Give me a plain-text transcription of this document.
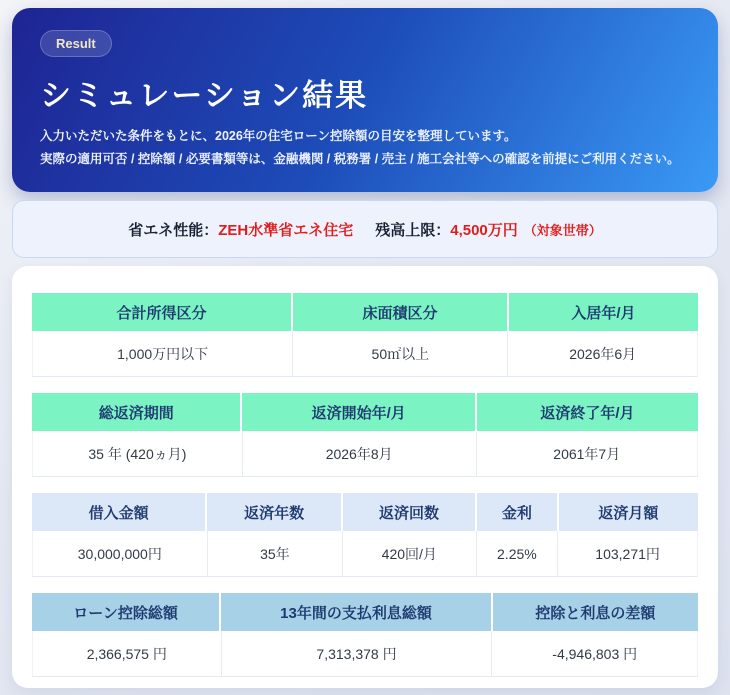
Result
シミュレーション結果
入力いただいた条件をもとに、2026年の住宅ローン控除額の目安を整理しています。
実際の適用可否 / 控除額 / 必要書類等は、金融機関 / 税務署 / 売主 / 施工会社等への確認を前提にご利用ください。
省エネ性能： ZEH水準省エネ住宅 残高上限： 4,500万円 （対象世帯）
合計所得区分	床面積区分	入居年/月
1,000万円以下	50㎡以上	2026年6月
総返済期間	返済開始年/月	返済終了年/月
35 年 (420ヵ月)	2026年8月	2061年7月
借入金額	返済年数	返済回数	金利	返済月額
30,000,000円	35年	420回/月	2.25%	103,271円
ローン控除総額	13年間の支払利息総額	控除と利息の差額
2,366,575 円	7,313,378 円	-4,946,803 円
